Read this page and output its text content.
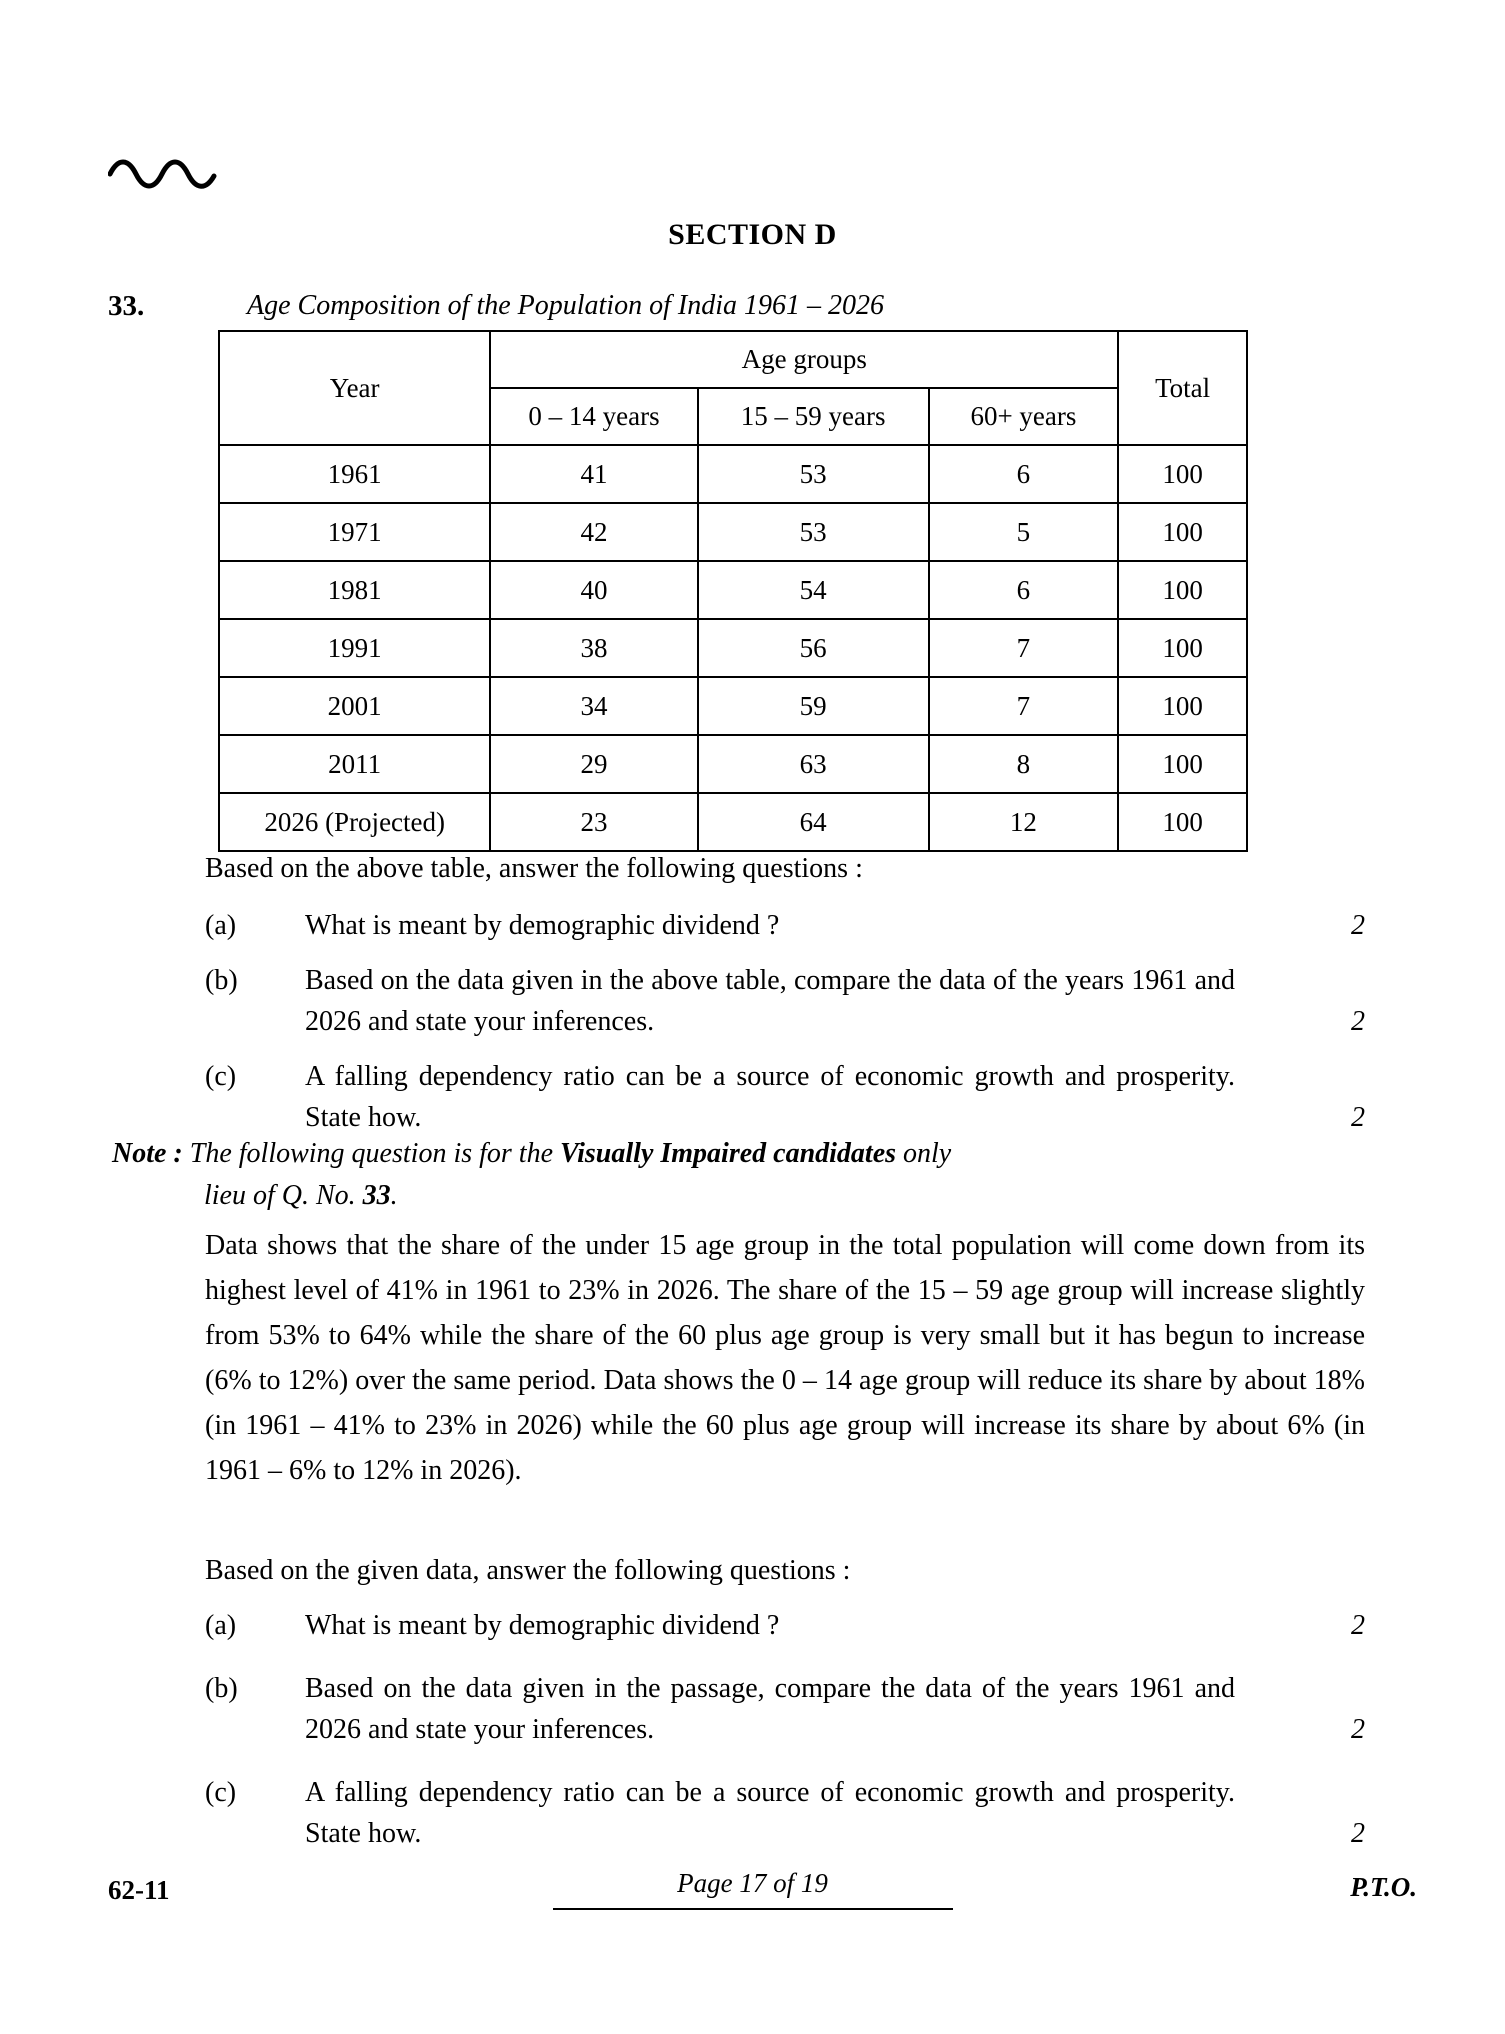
SECTION D
33.	Age Composition of the Population of India 1961 – 2026
Year	Age groups			Total
	0 – 14 years	15 – 59 years	60+ years	
1961	41	53	6	100
1971	42	53	5	100
1981	40	54	6	100
1991	38	56	7	100
2001	34	59	7	100
2011	29	63	8	100
2026 (Projected)	23	64	12	100
Based on the above table, answer the following questions :
(a)	What is meant by demographic dividend ?	2
(b)	Based on the data given in the above table, compare the data of the years 1961 and 2026 and state your inferences.	2
(c)	A falling dependency ratio can be a source of economic growth and prosperity. State how.	2
Note : The following question is for the Visually Impaired candidates only
lieu of Q. No. 33.
Data shows that the share of the under 15 age group in the total population will come down from its highest level of 41% in 1961 to 23% in 2026. The share of the 15 – 59 age group will increase slightly from 53% to 64% while the share of the 60 plus age group is very small but it has begun to increase (6% to 12%) over the same period. Data shows the 0 – 14 age group will reduce its share by about 18% (in 1961 – 41% to 23% in 2026) while the 60 plus age group will increase its share by about 6% (in 1961 – 6% to 12% in 2026).
Based on the given data, answer the following questions :
(a)	What is meant by demographic dividend ?	2
(b)	Based on the data given in the passage, compare the data of the years 1961 and 2026 and state your inferences.	2
(c)	A falling dependency ratio can be a source of economic growth and prosperity. State how.	2
62-11	Page 17 of 19	P.T.O.
